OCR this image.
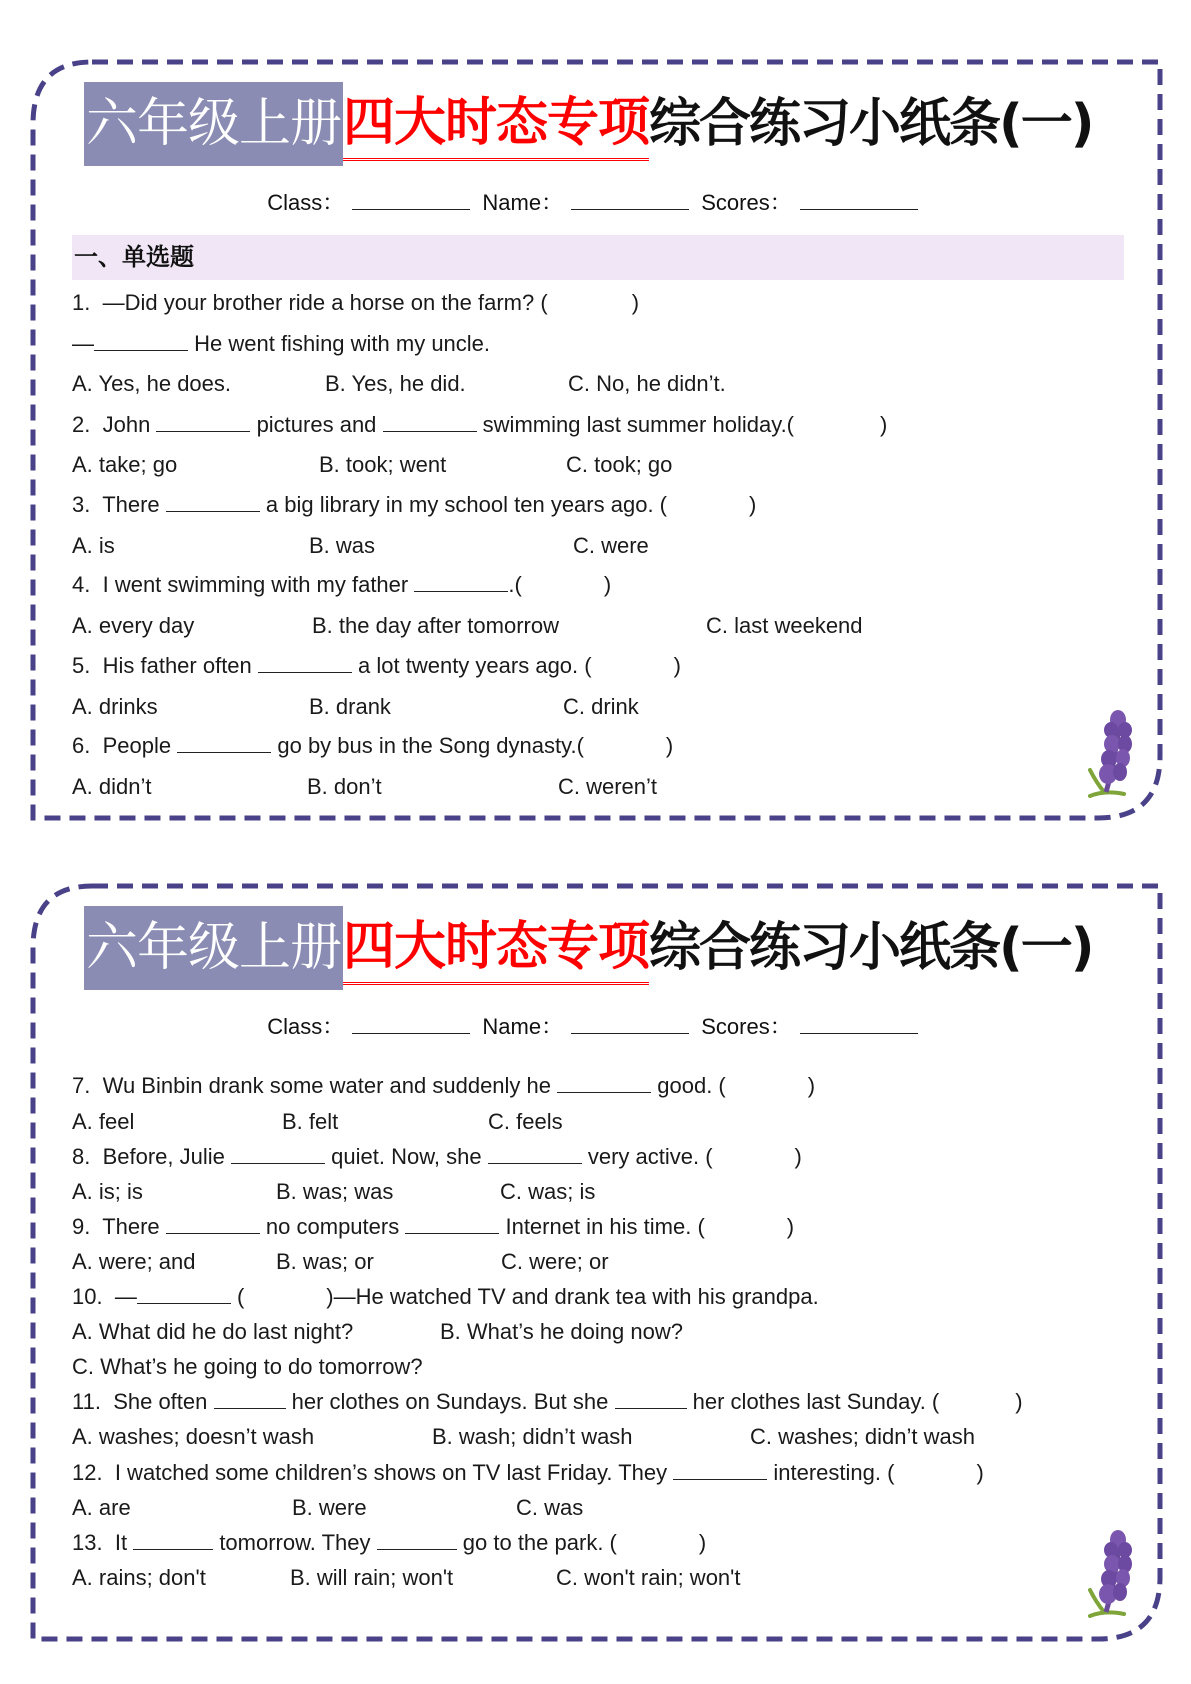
六年级上册 四大时态专项 综合练习小纸条(一)
Class：	Name：	Scores：
一、单选题
1. —Did your brother ride a horse on the farm? (	)
—	He went fishing with my uncle.
A. Yes, he does.	B. Yes, he did.	C. No, he didn’t.
2. John	pictures and	swimming last summer holiday.(	)
A. take; go	B. took; went	C. took; go
3. There	a big library in my school ten years ago. (	)
A. is	B. was	C. were
4. I went swimming with my father	.(	)
A. every day	B. the day after tomorrow	C. last weekend
5. His father often	a lot twenty years ago. (	)
A. drinks	B. drank	C. drink
6. People	go by bus in the Song dynasty.(	)
A. didn’t	B. don’t	C. weren’t
六年级上册 四大时态专项 综合练习小纸条(一)
Class：	Name：	Scores：
7. Wu Binbin drank some water and suddenly he	good. (	)
A. feel	B. felt	C. feels
8. Before, Julie	quiet. Now, she	very active. (	)
A. is; is	B. was; was	C. was; is
9. There	no computers	Internet in his time. (	)
A. were; and	B. was; or	C. were; or
10. —	(	)—He watched TV and drank tea with his grandpa.
A. What did he do last night?	B. What’s he doing now?
C. What’s he going to do tomorrow?
11. She often	her clothes on Sundays. But she	her clothes last Sunday. (	)
A. washes; doesn’t wash	B. wash; didn’t wash	C. washes; didn’t wash
12. I watched some children’s shows on TV last Friday. They	interesting. (	)
A. are	B. were	C. was
13. It	tomorrow. They	go to the park. (	)
A. rains; don't	B. will rain; won't	C. won't rain; won't
